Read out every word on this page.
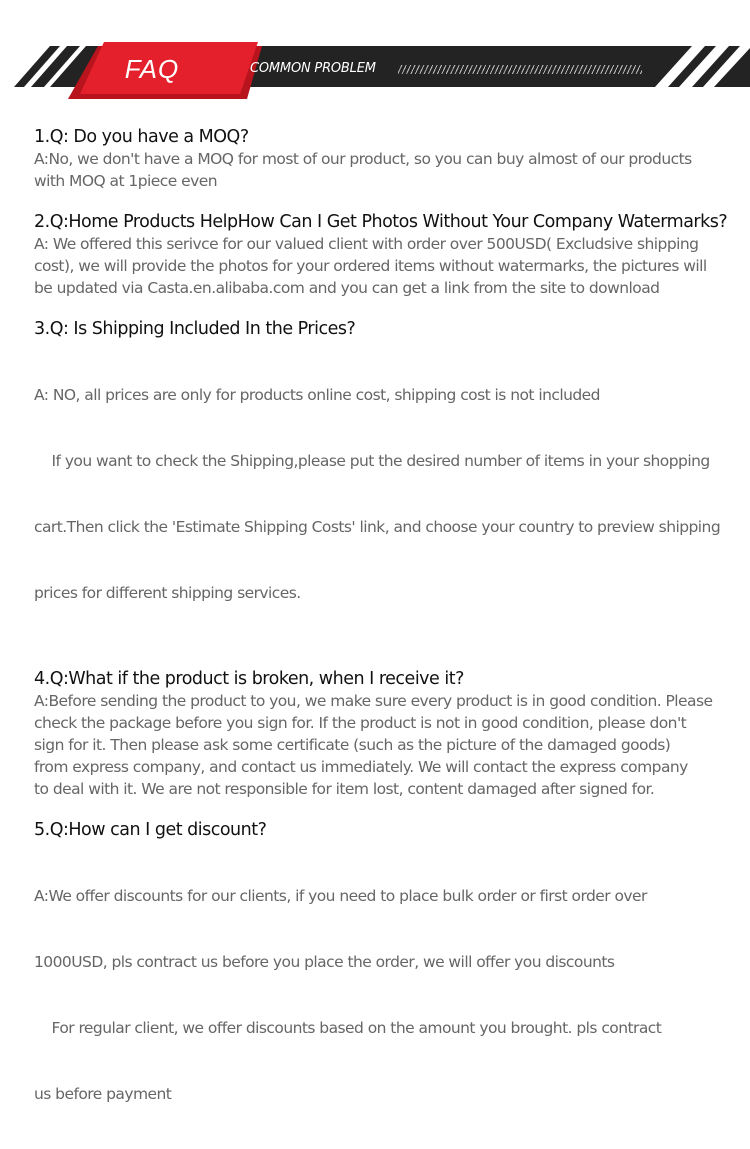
FAQ	COMMON PROBLEM
1.Q: Do you have a MOQ?
A:No, we don't have a MOQ for most of our product, so you can buy almost of our products
with MOQ at 1piece even
2.Q:Home Products HelpHow Can I Get Photos Without Your Company Watermarks?
A: We offered this serivce for our valued client with order over 500USD( Excludsive shipping
cost), we will provide the photos for your ordered items without watermarks, the pictures will
be updated via Casta.en.alibaba.com and you can get a link from the site to download
3.Q: Is Shipping Included In the Prices?

A: NO, all prices are only for products online cost, shipping cost is not included

If you want to check the Shipping,please put the desired number of items in your shopping

cart.Then click the 'Estimate Shipping Costs' link, and choose your country to preview shipping

prices for different shipping services.

4.Q:What if the product is broken, when I receive it?
A:Before sending the product to you, we make sure every product is in good condition. Please
check the package before you sign for. If the product is not in good condition, please don't
sign for it. Then please ask some certificate (such as the picture of the damaged goods)
from express company, and contact us immediately. We will contact the express company
to deal with it. We are not responsible for item lost, content damaged after signed for.
5.Q:How can I get discount?

A:We offer discounts for our clients, if you need to place bulk order or first order over

1000USD, pls contract us before you place the order, we will offer you discounts

For regular client, we offer discounts based on the amount you brought. pls contract

us before payment
